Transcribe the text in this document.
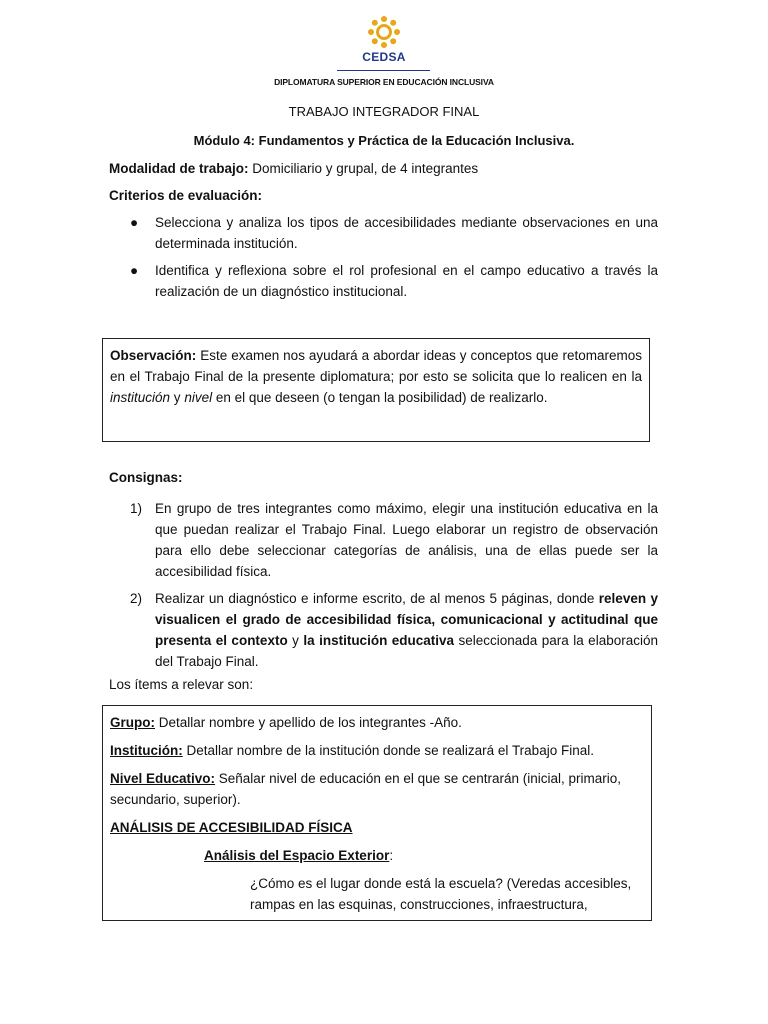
CEDSA
DIPLOMATURA SUPERIOR EN EDUCACIÓN INCLUSIVA
TRABAJO INTEGRADOR FINAL
Módulo 4: Fundamentos y Práctica de la Educación Inclusiva.
Modalidad de trabajo: Domiciliario y grupal, de 4 integrantes
Criterios de evaluación:
● Selecciona y analiza los tipos de accesibilidades mediante observaciones en una determinada institución.
● Identifica y reflexiona sobre el rol profesional en el campo educativo a través la realización de un diagnóstico institucional.

Observación: Este examen nos ayudará a abordar ideas y conceptos que retomaremos en el Trabajo Final de la presente diplomatura; por esto se solicita que lo realicen en la institución y nivel en el que deseen (o tengan la posibilidad) de realizarlo.

Consignas:
1) En grupo de tres integrantes como máximo, elegir una institución educativa en la que puedan realizar el Trabajo Final. Luego elaborar un registro de observación para ello debe seleccionar categorías de análisis, una de ellas puede ser la accesibilidad física.
2) Realizar un diagnóstico e informe escrito, de al menos 5 páginas, donde releven y visualicen el grado de accesibilidad física, comunicacional y actitudinal que presenta el contexto y la institución educativa seleccionada para la elaboración del Trabajo Final.
Los ítems a relevar son:

Grupo: Detallar nombre y apellido de los integrantes -Año.

Institución: Detallar nombre de la institución donde se realizará el Trabajo Final.

Nivel Educativo: Señalar nivel de educación en el que se centrarán (inicial, primario, secundario, superior).

ANÁLISIS DE ACCESIBILIDAD FÍSICA

Análisis del Espacio Exterior:

¿Cómo es el lugar donde está la escuela? (Veredas accesibles,

rampas en las esquinas, construcciones, infraestructura,
